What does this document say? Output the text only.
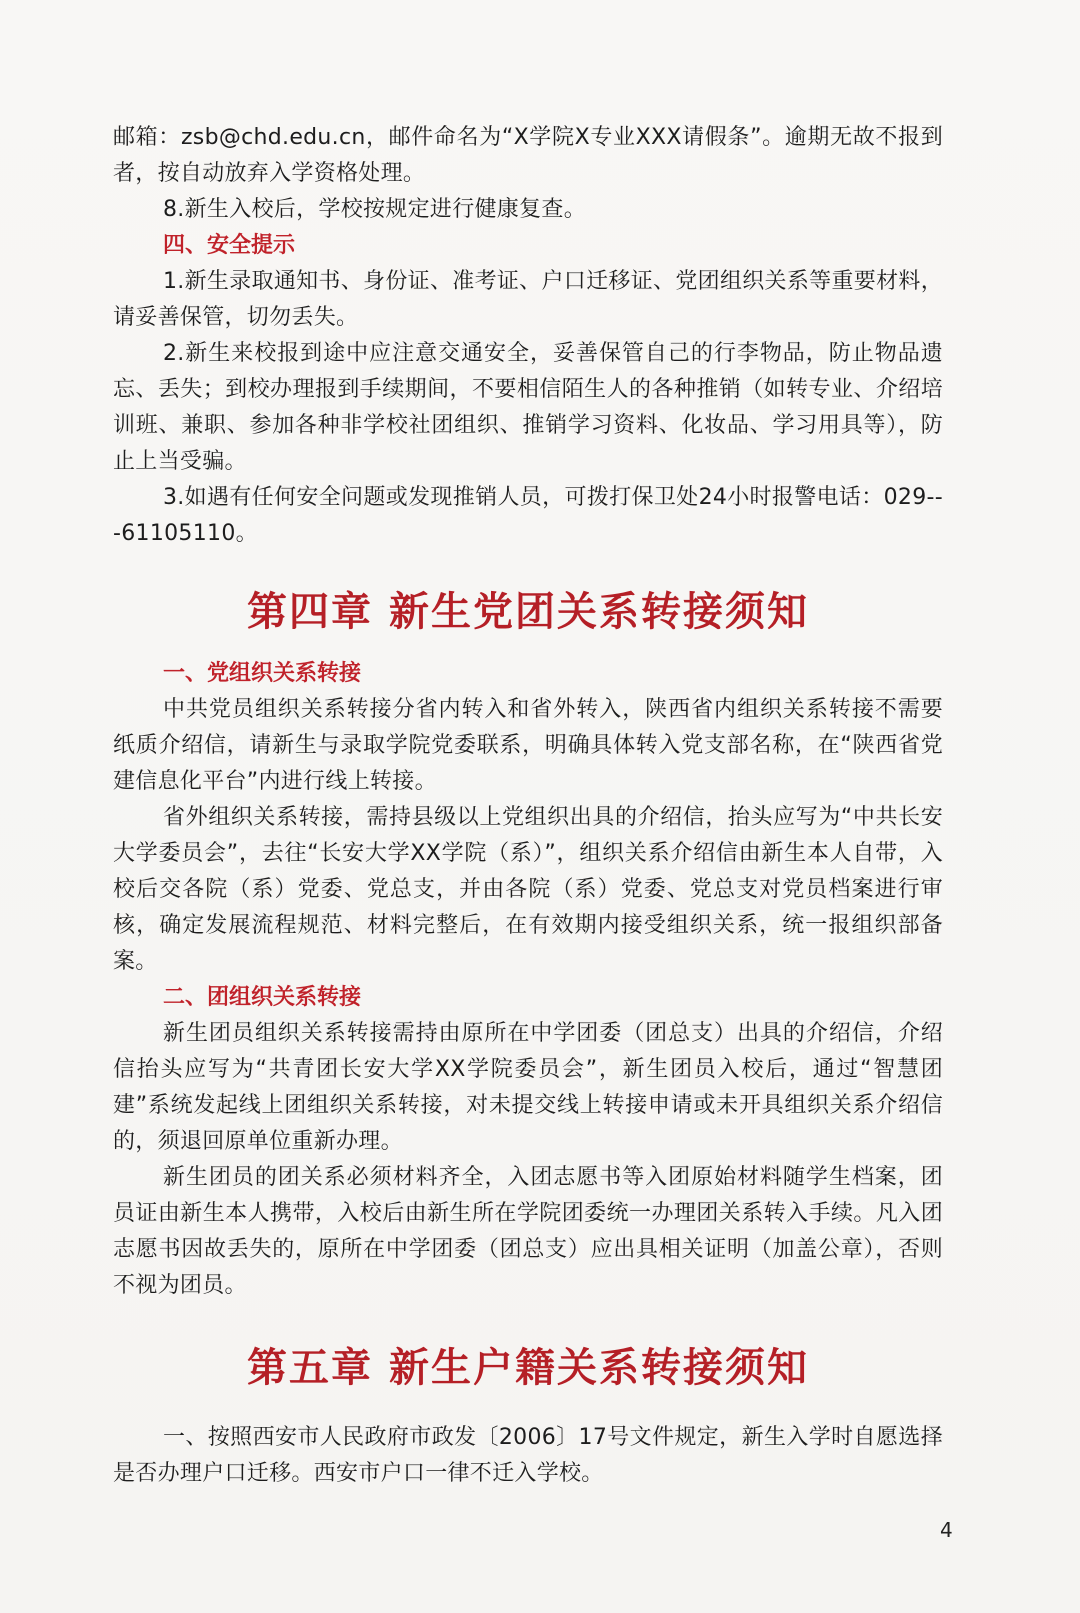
邮箱：zsb@chd.edu.cn，邮件命名为“X学院X专业XXX请假条”。逾期无故不报到者，按自动放弃入学资格处理。

8.新生入校后，学校按规定进行健康复查。

四、安全提示

1.新生录取通知书、身份证、准考证、户口迁移证、党团组织关系等重要材料，请妥善保管，切勿丢失。

2.新生来校报到途中应注意交通安全，妥善保管自己的行李物品，防止物品遗忘、丢失；到校办理报到手续期间，不要相信陌生人的各种推销（如转专业、介绍培训班、兼职、参加各种非学校社团组织、推销学习资料、化妆品、学习用具等），防止上当受骗。

3.如遇有任何安全问题或发现推销人员，可拨打保卫处24小时报警电话：029---61105110。

第四章 新生党团关系转接须知
一、党组织关系转接

中共党员组织关系转接分省内转入和省外转入，陕西省内组织关系转接不需要纸质介绍信，请新生与录取学院党委联系，明确具体转入党支部名称，在“陕西省党建信息化平台”内进行线上转接。

省外组织关系转接，需持县级以上党组织出具的介绍信，抬头应写为“中共长安大学委员会”，去往“长安大学XX学院（系）”，组织关系介绍信由新生本人自带，入校后交各院（系）党委、党总支，并由各院（系）党委、党总支对党员档案进行审核，确定发展流程规范、材料完整后，在有效期内接受组织关系，统一报组织部备案。

二、团组织关系转接

新生团员组织关系转接需持由原所在中学团委（团总支）出具的介绍信，介绍信抬头应写为“共青团长安大学XX学院委员会”，新生团员入校后，通过“智慧团建”系统发起线上团组织关系转接，对未提交线上转接申请或未开具组织关系介绍信的，须退回原单位重新办理。

新生团员的团关系必须材料齐全，入团志愿书等入团原始材料随学生档案，团员证由新生本人携带，入校后由新生所在学院团委统一办理团关系转入手续。凡入团志愿书因故丢失的，原所在中学团委（团总支）应出具相关证明（加盖公章），否则不视为团员。

第五章 新生户籍关系转接须知

一、按照西安市人民政府市政发〔2006〕17号文件规定，新生入学时自愿选择是否办理户口迁移。西安市户口一律不迁入学校。

4
